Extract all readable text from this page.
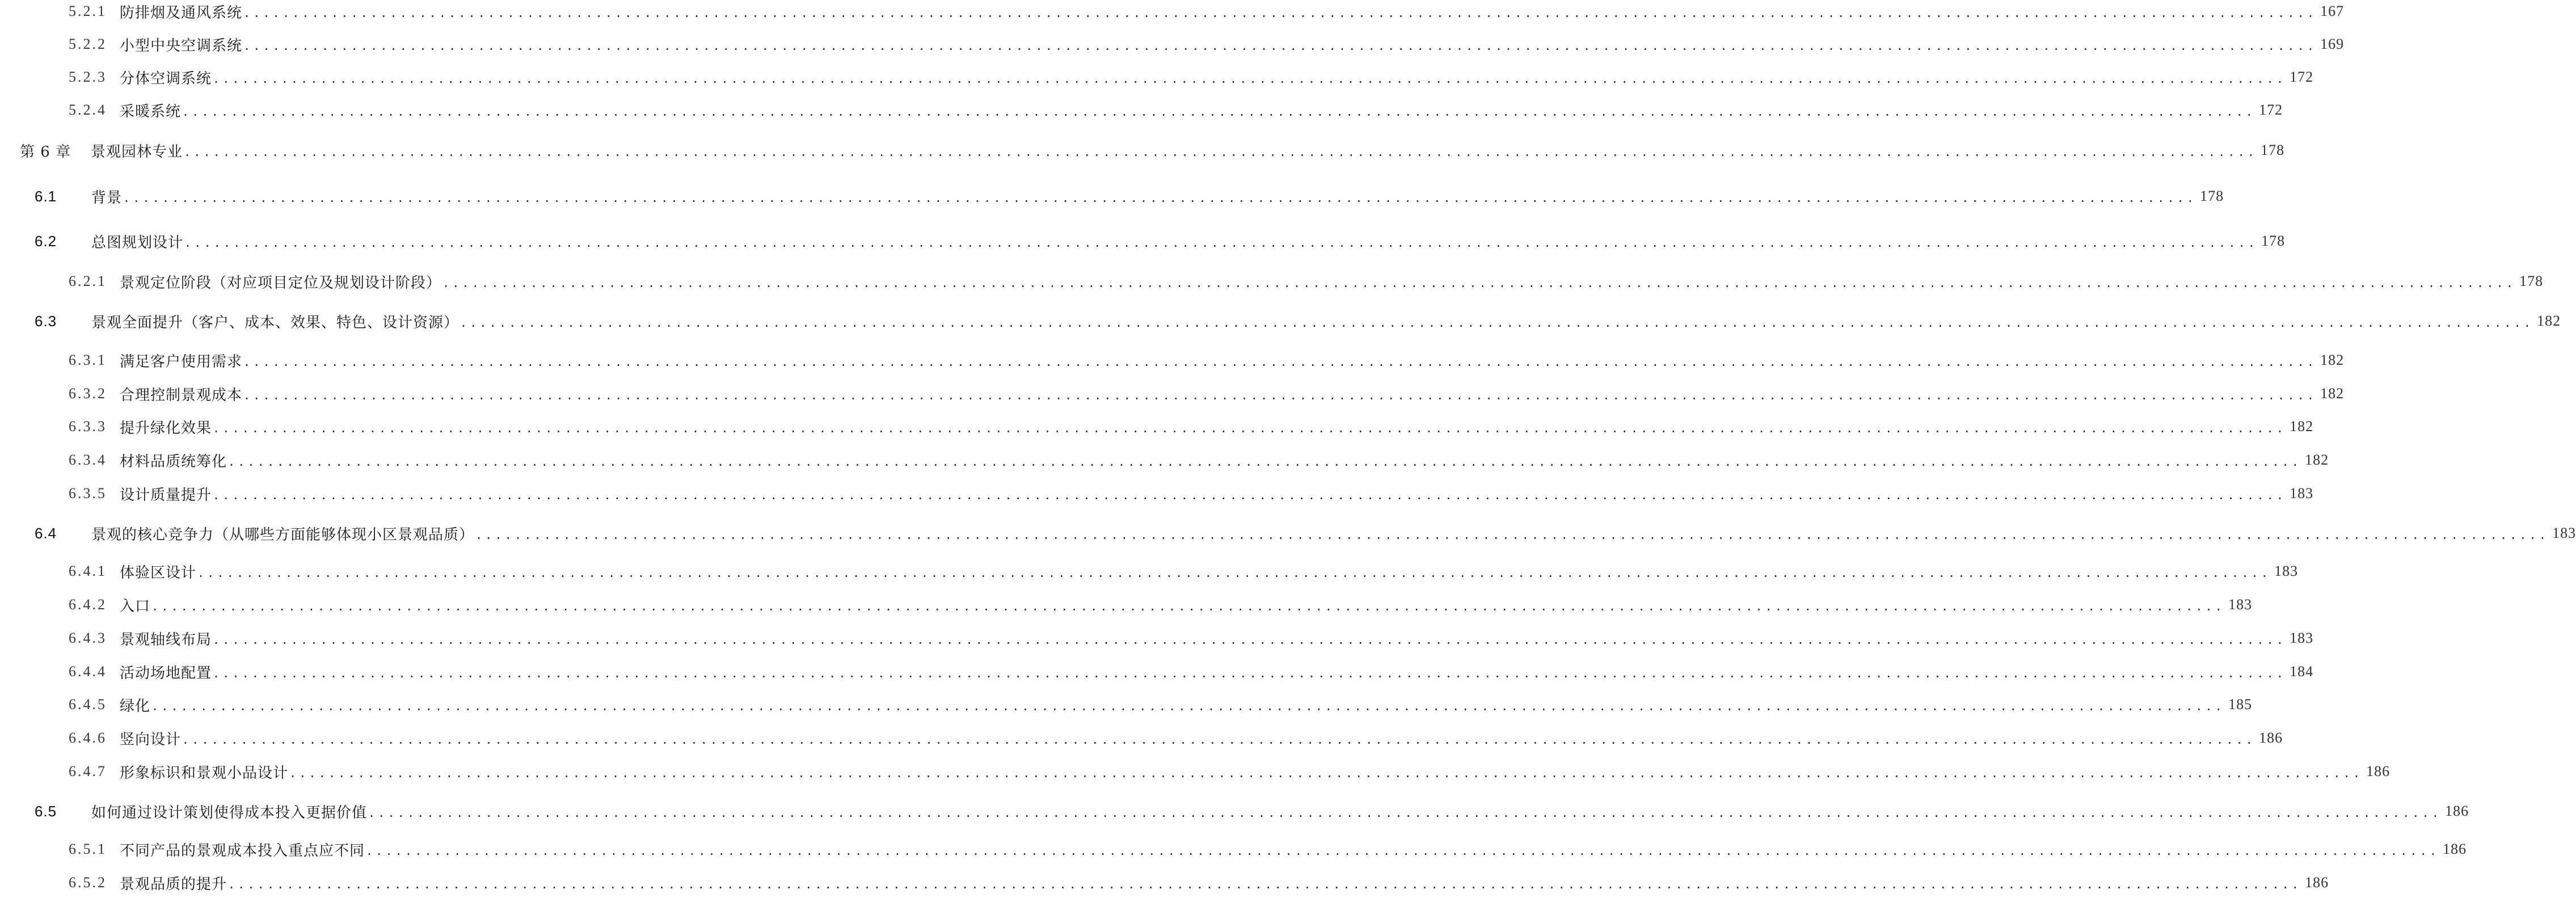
5.2.1 防排烟及通风系统 .....	167
5.2.2 小型中央空调系统 .....	169
5.2.3 分体空调系统 .....	172
5.2.4 采暖系统 .....	172
第 6 章	景观园林专业 .....	178
6.1	背景 .....	178
6.2	总图规划设计 .....	178
6.2.1 景观定位阶段（对应项目定位及规划设计阶段） .....	178
6.3	景观全面提升（客户、成本、效果、特色、设计资源） .....	182
6.3.1 满足客户使用需求 .....	182
6.3.2 合理控制景观成本 .....	182
6.3.3 提升绿化效果 .....	182
6.3.4 材料品质统筹化 .....	182
6.3.5 设计质量提升 .....	183
6.4	景观的核心竞争力（从哪些方面能够体现小区景观品质） .....	183
6.4.1 体验区设计 .....	183
6.4.2 入口 .....	183
6.4.3 景观轴线布局 .....	183
6.4.4 活动场地配置 .....	184
6.4.5 绿化 .....	185
6.4.6 竖向设计 .....	186
6.4.7 形象标识和景观小品设计 .....	186
6.5	如何通过设计策划使得成本投入更据价值 .....	186
6.5.1 不同产品的景观成本投入重点应不同 .....	186
6.5.2 景观品质的提升 .....	186
